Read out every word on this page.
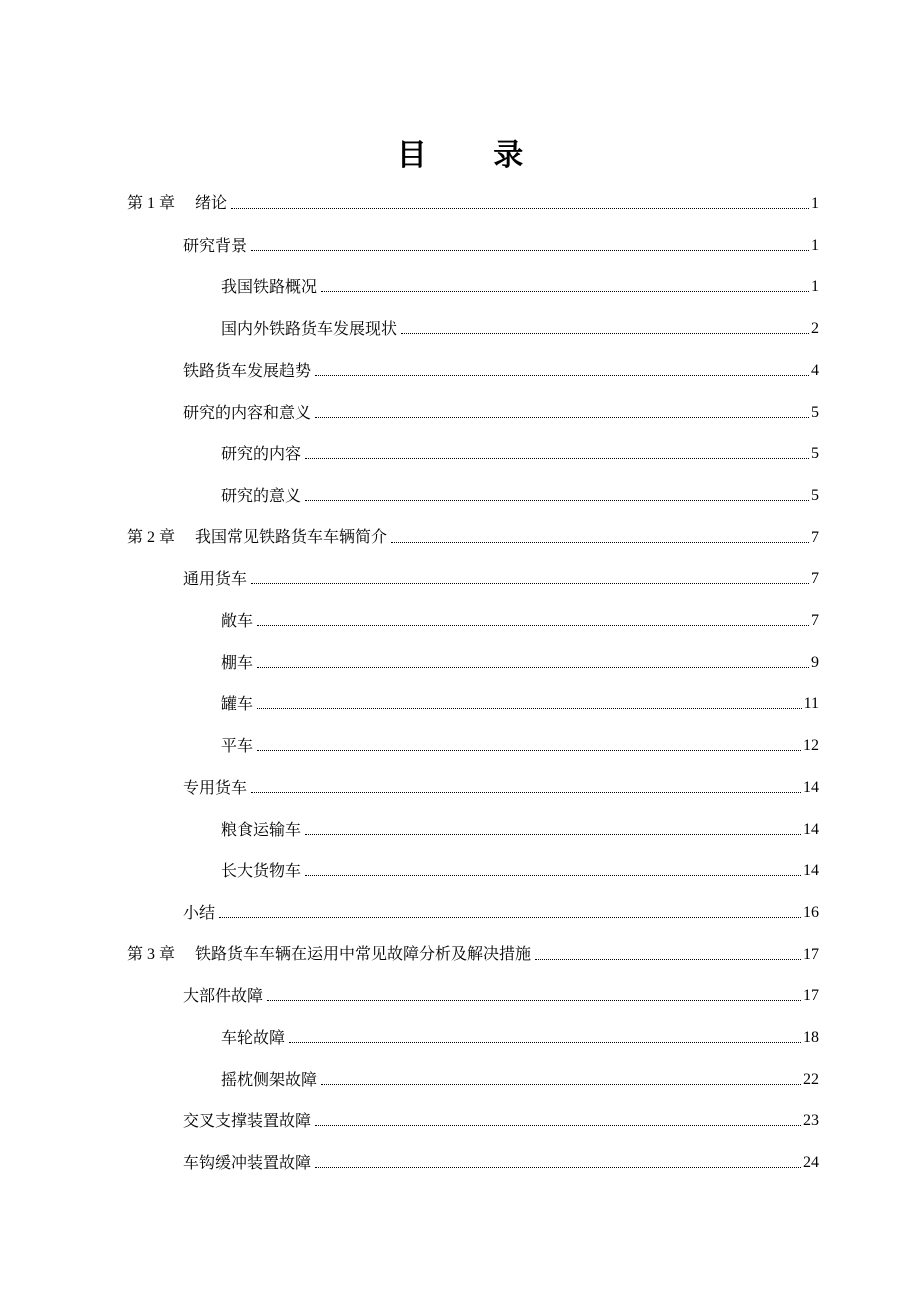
目 录
第 1 章 绪论	1
研究背景	1
我国铁路概况	1
国内外铁路货车发展现状	2
铁路货车发展趋势	4
研究的内容和意义	5
研究的内容	5
研究的意义	5
第 2 章 我国常见铁路货车车辆简介	7
通用货车	7
敞车	7
棚车	9
罐车	11
平车	12
专用货车	14
粮食运输车	14
长大货物车	14
小结	16
第 3 章 铁路货车车辆在运用中常见故障分析及解决措施	17
大部件故障	17
车轮故障	18
摇枕侧架故障	22
交叉支撑装置故障	23
车钩缓冲装置故障	24
